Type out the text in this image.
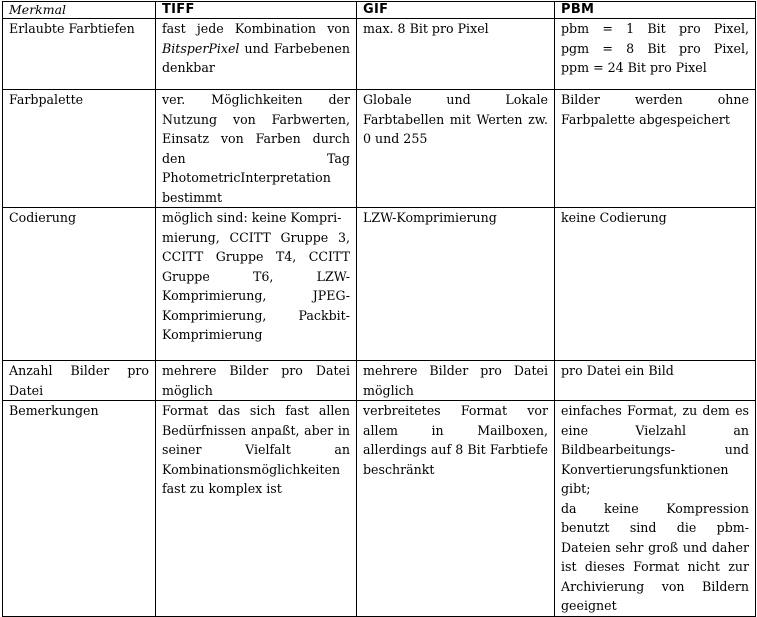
Merkmal	TIFF	GIF	PBM
Erlaubte Farbtiefen	fast jede Kombination von BitsperPixel und Farbebenen denkbar	max. 8 Bit pro Pixel	pbm = 1 Bit pro Pixel,
pgm = 8 Bit pro Pixel,
ppm = 24 Bit pro Pixel

Farbpalette	ver. Möglichkeiten der Nutzung von Farbwerten, Einsatz von Farben durch den Tag PhotometricInterpretation bestimmt	Globale und Lokale Farbtabellen mit Werten zw. 0 und 255	Bilder werden ohne Farbpalette abgespeichert
Codierung	möglich sind: keine Kompri-
mierung, CCITT Gruppe 3, CCITT Gruppe T4, CCITT Gruppe T6, LZW-Komprimierung, JPEG-Komprimierung, Packbit-Komprimierung	LZW-Komprimierung	keine Codierung
Anzahl Bilder pro Datei	mehrere Bilder pro Datei möglich	mehrere Bilder pro Datei möglich	pro Datei ein Bild
Bemerkungen	Format das sich fast allen Bedürfnissen anpaßt, aber in seiner Vielfalt an Kombinationsmöglichkeiten fast zu komplex ist	verbreitetes Format vor allem in Mailboxen, allerdings auf 8 Bit Farbtiefe beschränkt	einfaches Format, zu dem es eine Vielzahl an Bildbearbeitungs- und Konvertierungsfunktionen gibt;
da keine Kompression benutzt sind die pbm-Dateien sehr groß und daher ist dieses Format nicht zur Archivierung von Bildern geeignet
